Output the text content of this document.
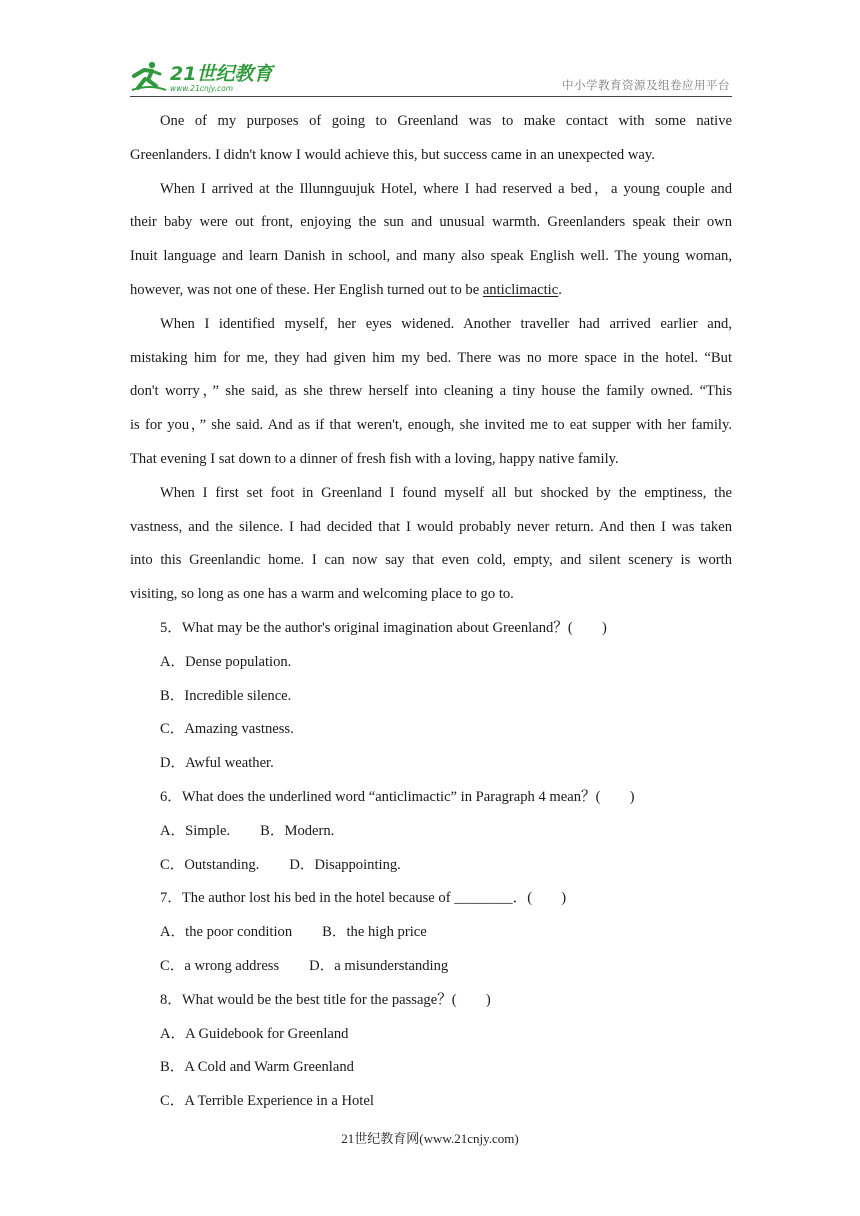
21世纪教育
www.21cnjy.com	中小学教育资源及组卷应用平台
One of my purposes of going to Greenland was to make contact with some native
Greenlanders. I didn't know I would achieve this, but success came in an unexpected way.
When I arrived at the Illunnguujuk Hotel, where I had reserved a bed，a young couple and
their baby were out front, enjoying the sun and unusual warmth. Greenlanders speak their own
Inuit language and learn Danish in school, and many also speak English well. The young woman,
however, was not one of these. Her English turned out to be anticlimactic.
When I identified myself, her eyes widened. Another traveller had arrived earlier and,
mistaking him for me, they had given him my bed. There was no more space in the hotel. “But
don't worry，” she said, as she threw herself into cleaning a tiny house the family owned. “This
is for you，” she said. And as if that weren't, enough, she invited me to eat supper with her family.
That evening I sat down to a dinner of fresh fish with a loving, happy native family.
When I first set foot in Greenland I found myself all but shocked by the emptiness, the
vastness, and the silence. I had decided that I would probably never return. And then I was taken
into this Greenlandic home. I can now say that even cold, empty, and silent scenery is worth
visiting, so long as one has a warm and welcoming place to go to.
5．What may be the author's original imagination about Greenland？(　　)
A．Dense population.
B．Incredible silence.
C．Amazing vastness.
D．Awful weather.
6．What does the underlined word “anticlimactic” in Paragraph 4 mean？(　　)
A．Simple. B．Modern.
C．Outstanding. D．Disappointing.
7．The author lost his bed in the hotel because of ________．(　　)
A．the poor condition B．the high price
C．a wrong address D．a misunderstanding
8．What would be the best title for the passage？(　　)
A．A Guidebook for Greenland
B．A Cold and Warm Greenland
C．A Terrible Experience in a Hotel
21世纪教育网(www.21cnjy.com)
